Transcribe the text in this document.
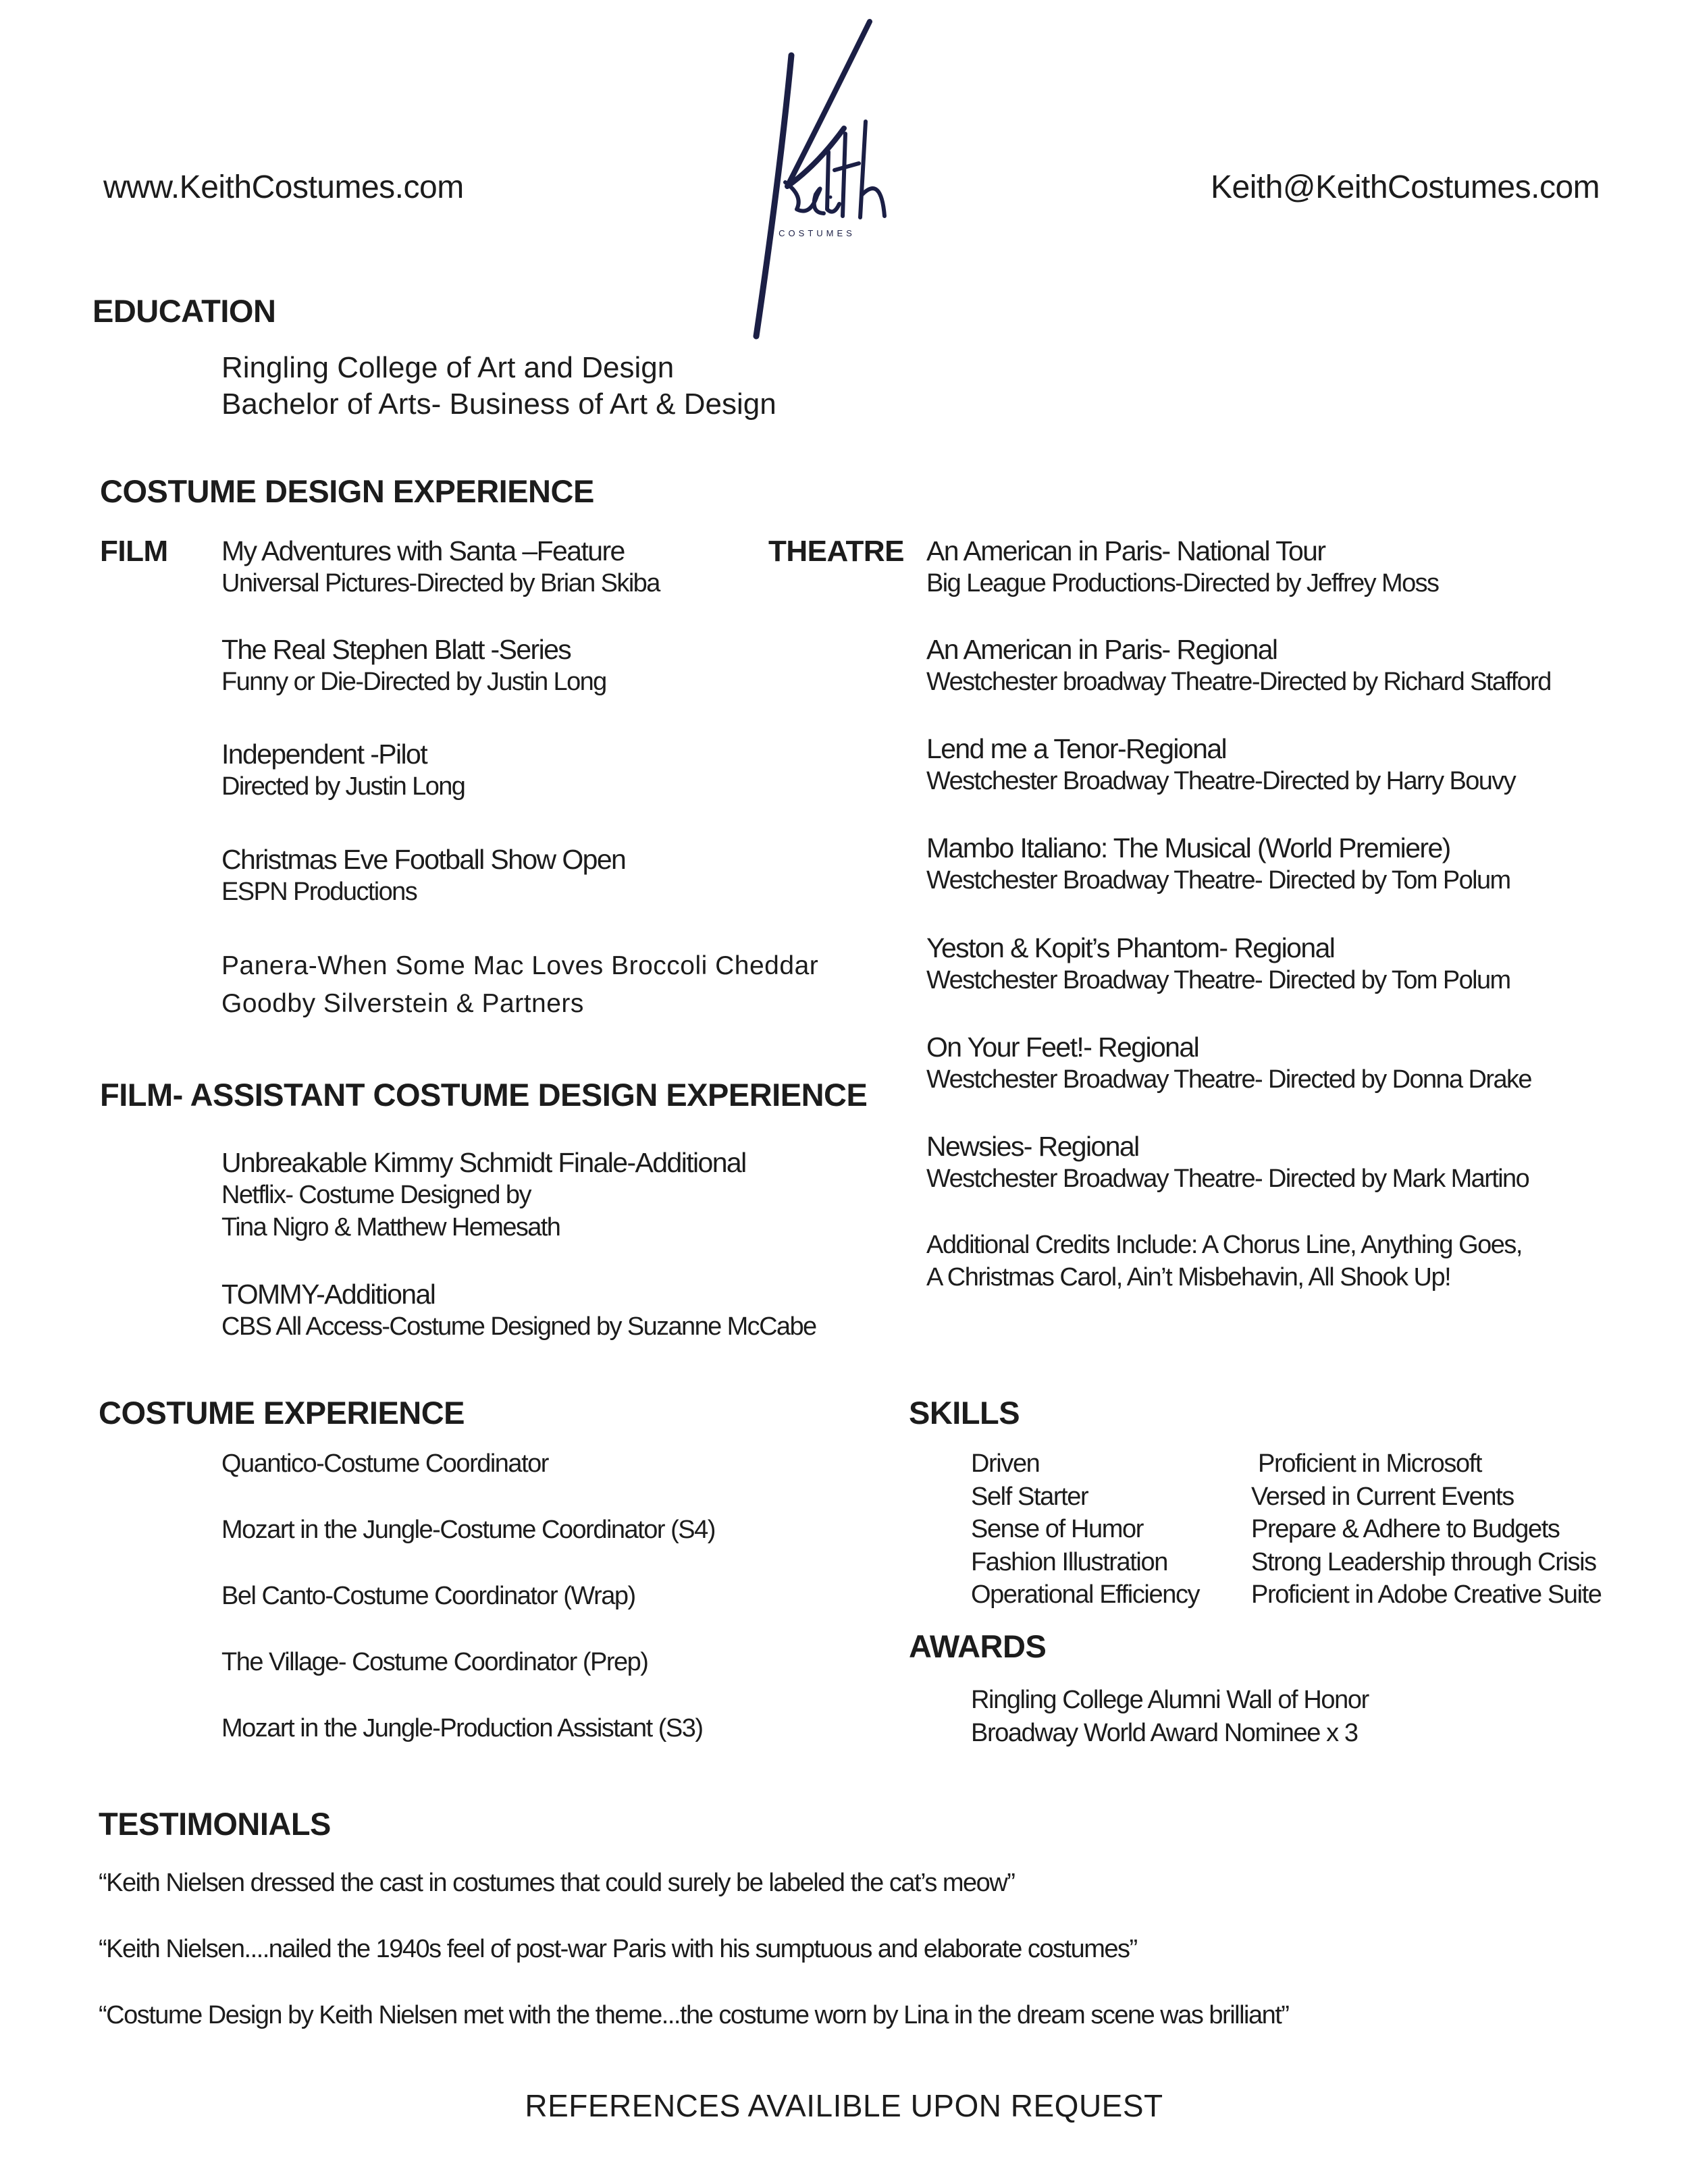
www.KeithCostumes.com	Keith@KeithCostumes.com
COSTUMES
EDUCATION
Ringling College of Art and Design
Bachelor of Arts- Business of Art & Design
COSTUME DESIGN EXPERIENCE
FILM	THEATRE
My Adventures with Santa –Feature
Universal Pictures-Directed by Brian Skiba
The Real Stephen Blatt -Series
Funny or Die-Directed by Justin Long
Independent -Pilot
Directed by Justin Long
Christmas Eve Football Show Open
ESPN Productions
Panera-When Some Mac Loves Broccoli Cheddar
Goodby Silverstein & Partners
An American in Paris- National Tour
Big League Productions-Directed by Jeffrey Moss
An American in Paris- Regional
Westchester broadway Theatre-Directed by Richard Stafford
Lend me a Tenor-Regional
Westchester Broadway Theatre-Directed by Harry Bouvy
Mambo Italiano: The Musical (World Premiere)
Westchester Broadway Theatre- Directed by Tom Polum
Yeston & Kopit’s Phantom- Regional
Westchester Broadway Theatre- Directed by Tom Polum
On Your Feet!- Regional
Westchester Broadway Theatre- Directed by Donna Drake
Newsies- Regional
Westchester Broadway Theatre- Directed by Mark Martino
Additional Credits Include: A Chorus Line, Anything Goes,
A Christmas Carol, Ain’t Misbehavin, All Shook Up!
FILM- ASSISTANT COSTUME DESIGN EXPERIENCE
Unbreakable Kimmy Schmidt Finale-Additional
Netflix- Costume Designed by
Tina Nigro & Matthew Hemesath
TOMMY-Additional
CBS All Access-Costume Designed by Suzanne McCabe
COSTUME EXPERIENCE
Quantico-Costume Coordinator
Mozart in the Jungle-Costume Coordinator (S4)
Bel Canto-Costume Coordinator (Wrap)
The Village- Costume Coordinator (Prep)
Mozart in the Jungle-Production Assistant (S3)
SKILLS
Driven
Self Starter
Sense of Humor
Fashion Illustration
Operational Efficiency
Proficient in Microsoft
Versed in Current Events
Prepare & Adhere to Budgets
Strong Leadership through Crisis
Proficient in Adobe Creative Suite
AWARDS
Ringling College Alumni Wall of Honor
Broadway World Award Nominee x 3
TESTIMONIALS
“Keith Nielsen dressed the cast in costumes that could surely be labeled the cat’s meow”
“Keith Nielsen....nailed the 1940s feel of post-war Paris with his sumptuous and elaborate costumes”
“Costume Design by Keith Nielsen met with the theme...the costume worn by Lina in the dream scene was brilliant”
REFERENCES AVAILIBLE UPON REQUEST
